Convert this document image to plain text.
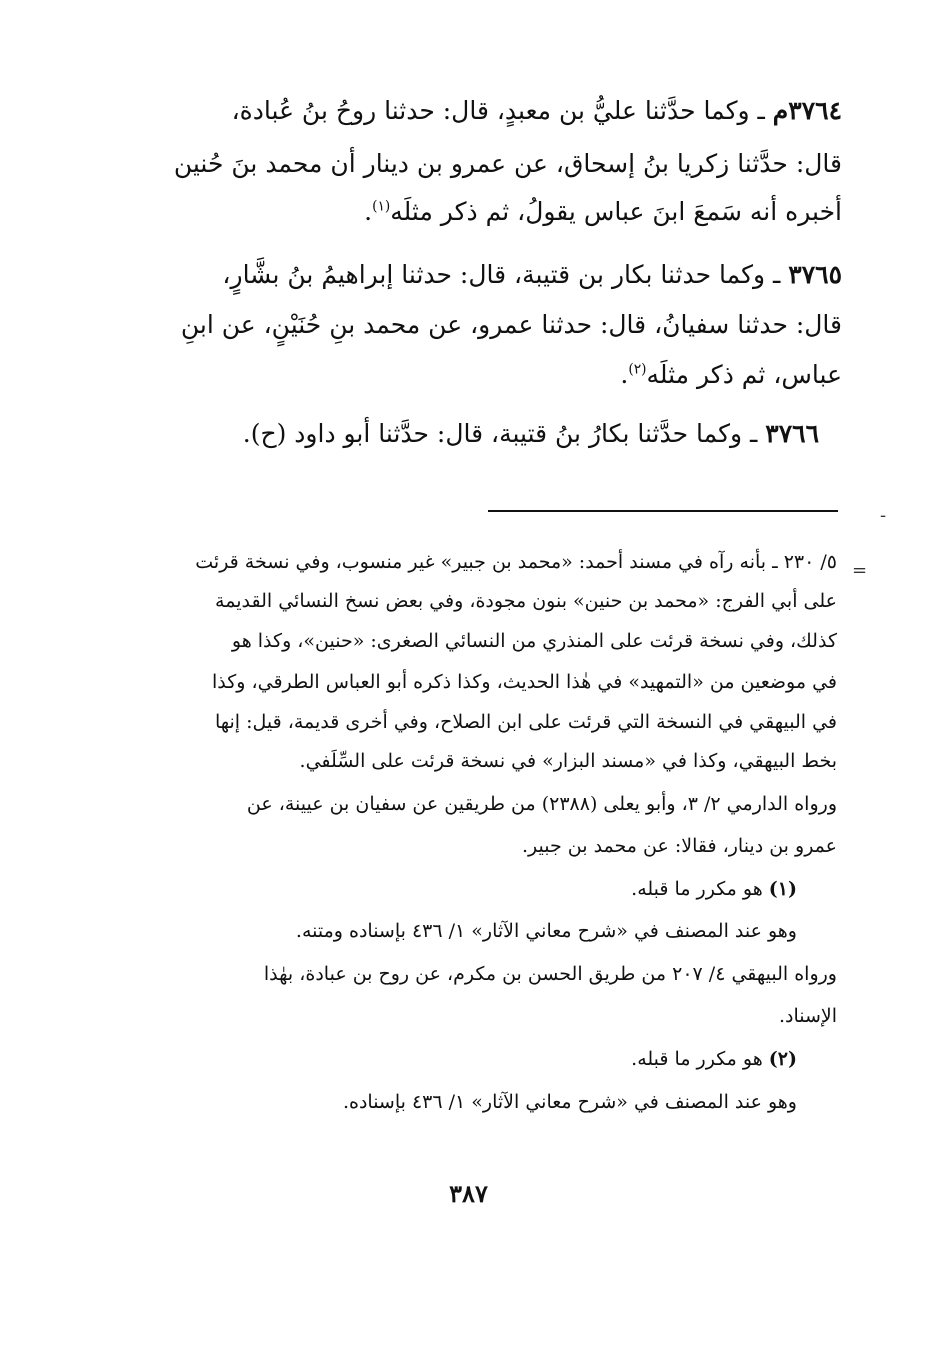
٣٧٦٤م ـ وكما حدَّثنا عليُّ بن معبدٍ، قال: حدثنا روحُ بنُ عُبادة،
قال: حدَّثنا زكريا بنُ إسحاق، عن عمرو بن دينار أن محمد بنَ حُنين
أخبره أنه سَمعَ ابنَ عباس يقولُ، ثم ذكر مثلَه$^{(١)}$.
٣٧٦٥ ـ وكما حدثنا بكار بن قتيبة، قال: حدثنا إبراهيمُ بنُ بشَّارٍ،
قال: حدثنا سفيانُ، قال: حدثنا عمرو، عن محمد بنِ حُنَيْنٍ، عن ابنِ
عباس، ثم ذكر مثلَه$^{(٢)}$.
٣٧٦٦ ـ وكما حدَّثنا بكارُ بنُ قتيبة، قال: حدَّثنا أبو داود (ح).
-
=
٥/ ٢٣٠ ـ بأنه رآه في مسند أحمد: «محمد بن جبير» غير منسوب، وفي نسخة قرئت
على أبي الفرج: «محمد بن حنين» بنون مجودة، وفي بعض نسخ النسائي القديمة
كذلك، وفي نسخة قرئت على المنذري من النسائي الصغرى: «حنين»، وكذا هو
في موضعين من «التمهيد» في هٰذا الحديث، وكذا ذكره أبو العباس الطرقي، وكذا
في البيهقي في النسخة التي قرئت على ابن الصلاح، وفي أخرى قديمة، قيل: إنها
بخط البيهقي، وكذا في «مسند البزار» في نسخة قرئت على السِّلَفي.
ورواه الدارمي ٢/ ٣، وأبو يعلى (٢٣٨٨) من طريقين عن سفيان بن عيينة، عن
عمرو بن دينار، فقالا: عن محمد بن جبير.
(١) هو مكرر ما قبله.
وهو عند المصنف في «شرح معاني الآثار» ١/ ٤٣٦ بإسناده ومتنه.
ورواه البيهقي ٤/ ٢٠٧ من طريق الحسن بن مكرم، عن روح بن عبادة، بهٰذا
الإسناد.
(٢) هو مكرر ما قبله.
وهو عند المصنف في «شرح معاني الآثار» ١/ ٤٣٦ بإسناده.
٣٨٧
